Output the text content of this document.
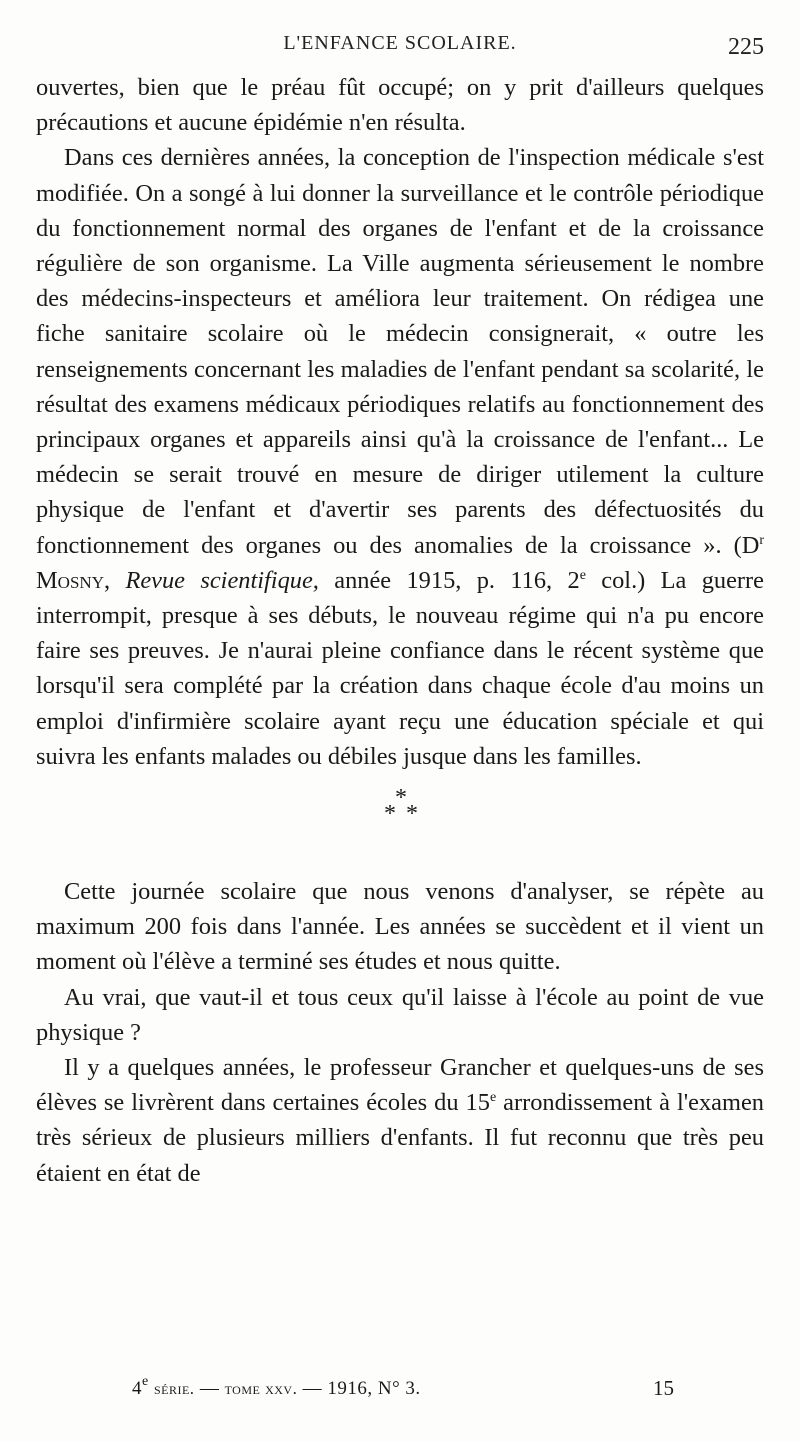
L'ENFANCE SCOLAIRE.	225

ouvertes, bien que le préau fût occupé; on y prit d'ailleurs quelques précautions et aucune épidémie n'en résulta.

Dans ces dernières années, la conception de l'inspection médicale s'est modifiée. On a songé à lui donner la surveillance et le contrôle périodique du fonctionnement normal des organes de l'enfant et de la croissance régulière de son organisme. La Ville augmenta sérieusement le nombre des médecins-inspecteurs et améliora leur traitement. On rédigea une fiche sanitaire scolaire où le médecin consignerait, « outre les renseignements concernant les maladies de l'enfant pendant sa scolarité, le résultat des examens médicaux périodiques relatifs au fonctionnement des principaux organes et appareils ainsi qu'à la croissance de l'enfant... Le médecin se serait trouvé en mesure de diriger utilement la culture physique de l'enfant et d'avertir ses parents des défectuosités du fonctionnement des organes ou des anomalies de la croissance ». ($D^r$ Mosny, Revue scientifique, année 1915, p. 116, 2e col.) La guerre interrompit, presque à ses débuts, le nouveau régime qui n'a pu encore faire ses preuves. Je n'aurai pleine confiance dans le récent système que lorsqu'il sera complété par la création dans chaque école d'au moins un emploi d'infirmière scolaire ayant reçu une éducation spéciale et qui suivra les enfants malades ou débiles jusque dans les familles.

*
* *

Cette journée scolaire que nous venons d'analyser, se répète au maximum 200 fois dans l'année. Les années se succèdent et il vient un moment où l'élève a terminé ses études et nous quitte.

Au vrai, que vaut-il et tous ceux qu'il laisse à l'école au point de vue physique ?

Il y a quelques années, le professeur Grancher et quelques-uns de ses élèves se livrèrent dans certaines écoles du 15e arrondissement à l'examen très sérieux de plusieurs milliers d'enfants. Il fut reconnu que très peu étaient en état de

4e série. — tome xxv. — 1916, N° 3.	15
